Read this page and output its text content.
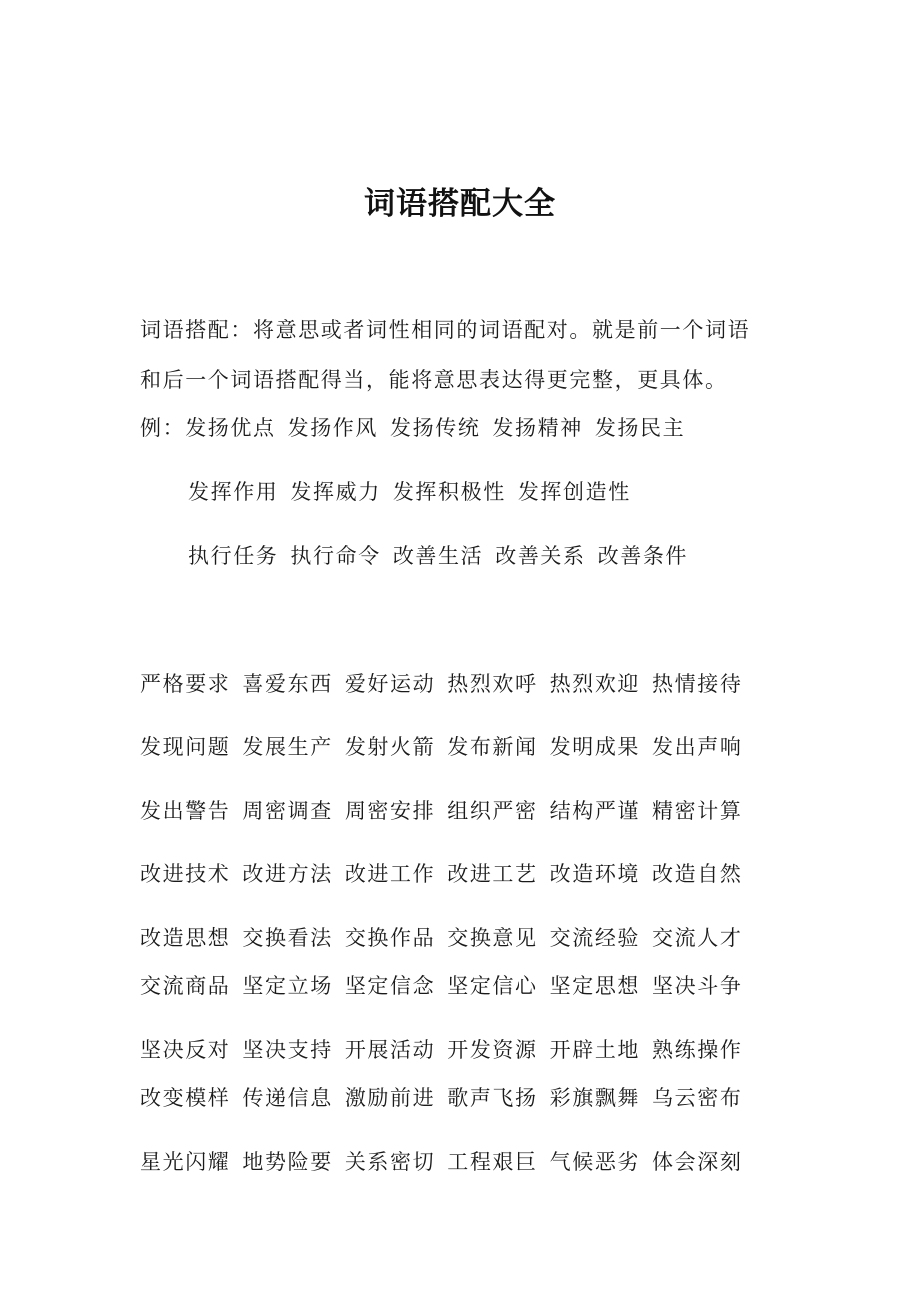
词语搭配大全
词语搭配：将意思或者词性相同的词语配对。就是前一个词语
和后一个词语搭配得当，能将意思表达得更完整，更具体。
例：发扬优点 发扬作风 发扬传统 发扬精神 发扬民主
发挥作用 发挥威力 发挥积极性 发挥创造性
执行任务 执行命令 改善生活 改善关系 改善条件
严格要求 喜爱东西 爱好运动 热烈欢呼 热烈欢迎 热情接待
发现问题 发展生产 发射火箭 发布新闻 发明成果 发出声响
发出警告 周密调查 周密安排 组织严密 结构严谨 精密计算
改进技术 改进方法 改进工作 改进工艺 改造环境 改造自然
改造思想 交换看法 交换作品 交换意见 交流经验 交流人才
交流商品 坚定立场 坚定信念 坚定信心 坚定思想 坚决斗争
坚决反对 坚决支持 开展活动 开发资源 开辟土地 熟练操作
改变模样 传递信息 激励前进 歌声飞扬 彩旗飘舞 乌云密布
星光闪耀 地势险要 关系密切 工程艰巨 气候恶劣 体会深刻
